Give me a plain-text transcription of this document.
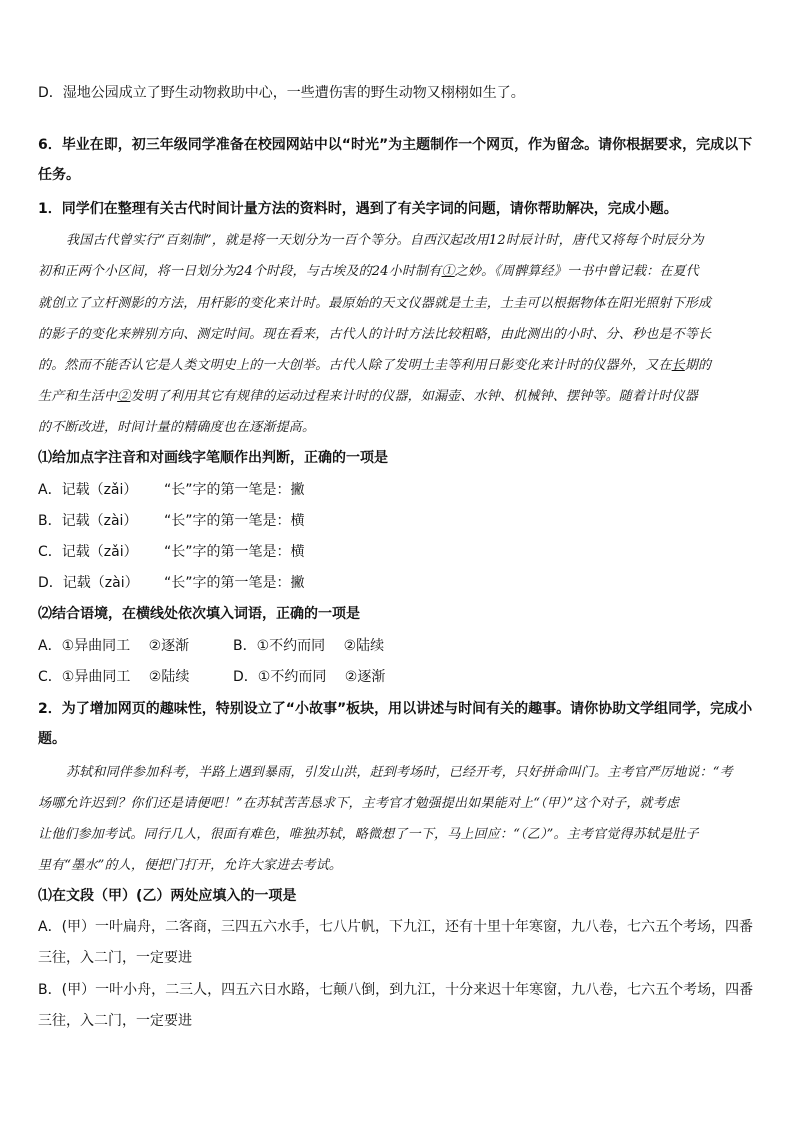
D．湿地公园成立了野生动物救助中心，一些遭伤害的野生动物又栩栩如生了。
6．毕业在即，初三年级同学准备在校园网站中以“时光”为主题制作一个网页，作为留念。请你根据要求，完成以下
任务。
1．同学们在整理有关古代时间计量方法的资料时，遇到了有关字词的问题，请你帮助解决，完成小题。
我国古代曾实行“百刻制”，就是将一天划分为一百个等分。自西汉起改用12时辰计时，唐代又将每个时辰分为
初和正两个小区间，将一日划分为24个时段，与古埃及的24小时制有①之妙。《周髀算经》一书中曾记载：在夏代
就创立了立杆测影的方法，用杆影的变化来计时。最原始的天文仪器就是土圭，土圭可以根据物体在阳光照射下形成
的影子的变化来辨别方向、测定时间。现在看来，古代人的计时方法比较粗略，由此测出的小时、分、秒也是不等长
的。然而不能否认它是人类文明史上的一大创举。古代人除了发明土圭等利用日影变化来计时的仪器外，又在长期的
生产和生活中②发明了利用其它有规律的运动过程来计时的仪器，如漏壶、水钟、机械钟、摆钟等。随着计时仪器
的不断改进，时间计量的精确度也在逐渐提高。
⑴给加点字注音和对画线字笔顺作出判断，正确的一项是
A．记载（zǎi） “长”字的第一笔是：撇
B．记载（zài） “长”字的第一笔是：横
C．记载（zǎi） “长”字的第一笔是：横
D．记载（zài） “长”字的第一笔是：撇
⑵结合语境，在横线处依次填入词语，正确的一项是
A．①异曲同工　 ②逐渐	B．①不约而同　 ②陆续
C．①异曲同工　 ②陆续	D．①不约而同　 ②逐渐
2．为了增加网页的趣味性，特别设立了“小故事”板块，用以讲述与时间有关的趣事。请你协助文学组同学，完成小
题。
苏轼和同伴参加科考，半路上遇到暴雨，引发山洪，赶到考场时，已经开考，只好拼命叫门。主考官严厉地说：“考
场哪允许迟到？你们还是请便吧！”在苏轼苦苦恳求下，主考官才勉强提出如果能对上“（甲）”这个对子，就考虑
让他们参加考试。同行几人，很面有难色，唯独苏轼，略微想了一下，马上回应：“（乙）”。主考官觉得苏轼是肚子
里有“墨水”的人，便把门打开，允许大家进去考试。
⑴在文段（甲）(乙）两处应填入的一项是
A．(甲）一叶扁舟，二客商，三四五六水手，七八片帆，下九江，还有十里十年寒窗，九八卷，七六五个考场，四番
三往，入二门，一定要进
B．(甲）一叶小舟，二三人，四五六日水路，七颠八倒，到九江，十分来迟十年寒窗，九八卷，七六五个考场，四番
三往，入二门，一定要进
